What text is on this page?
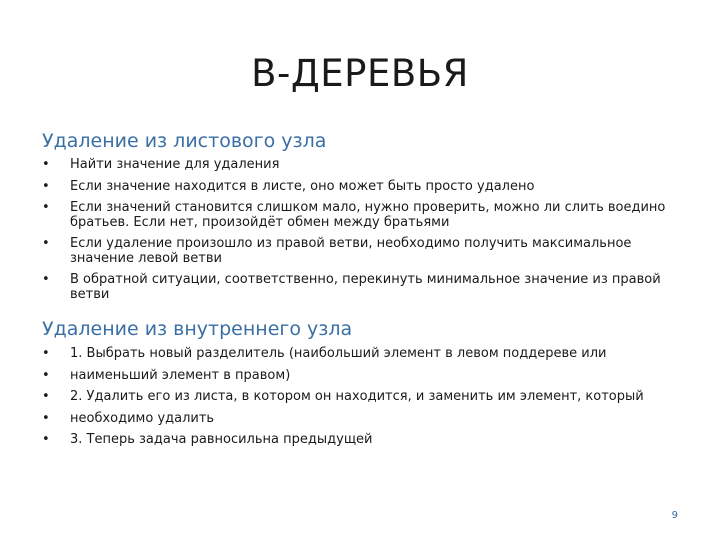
B-ДЕРЕВЬЯ
Удаление из листового узла
•	Найти значение для удаления
•	Если значение находится в листе, оно может быть просто удалено
•	Если значений становится слишком мало, нужно проверить, можно ли слить воедино братьев. Если нет, произойдёт обмен между братьями
•	Если удаление произошло из правой ветви, необходимо получить максимальное значение левой ветви
•	В обратной ситуации, соответственно, перекинуть минимальное значение из правой ветви
Удаление из внутреннего узла
•	1. Выбрать новый разделитель (наибольший элемент в левом поддереве или
•	наименьший элемент в правом)
•	2. Удалить его из листа, в котором он находится, и заменить им элемент, который
•	необходимо удалить
•	3. Теперь задача равносильна предыдущей
9
